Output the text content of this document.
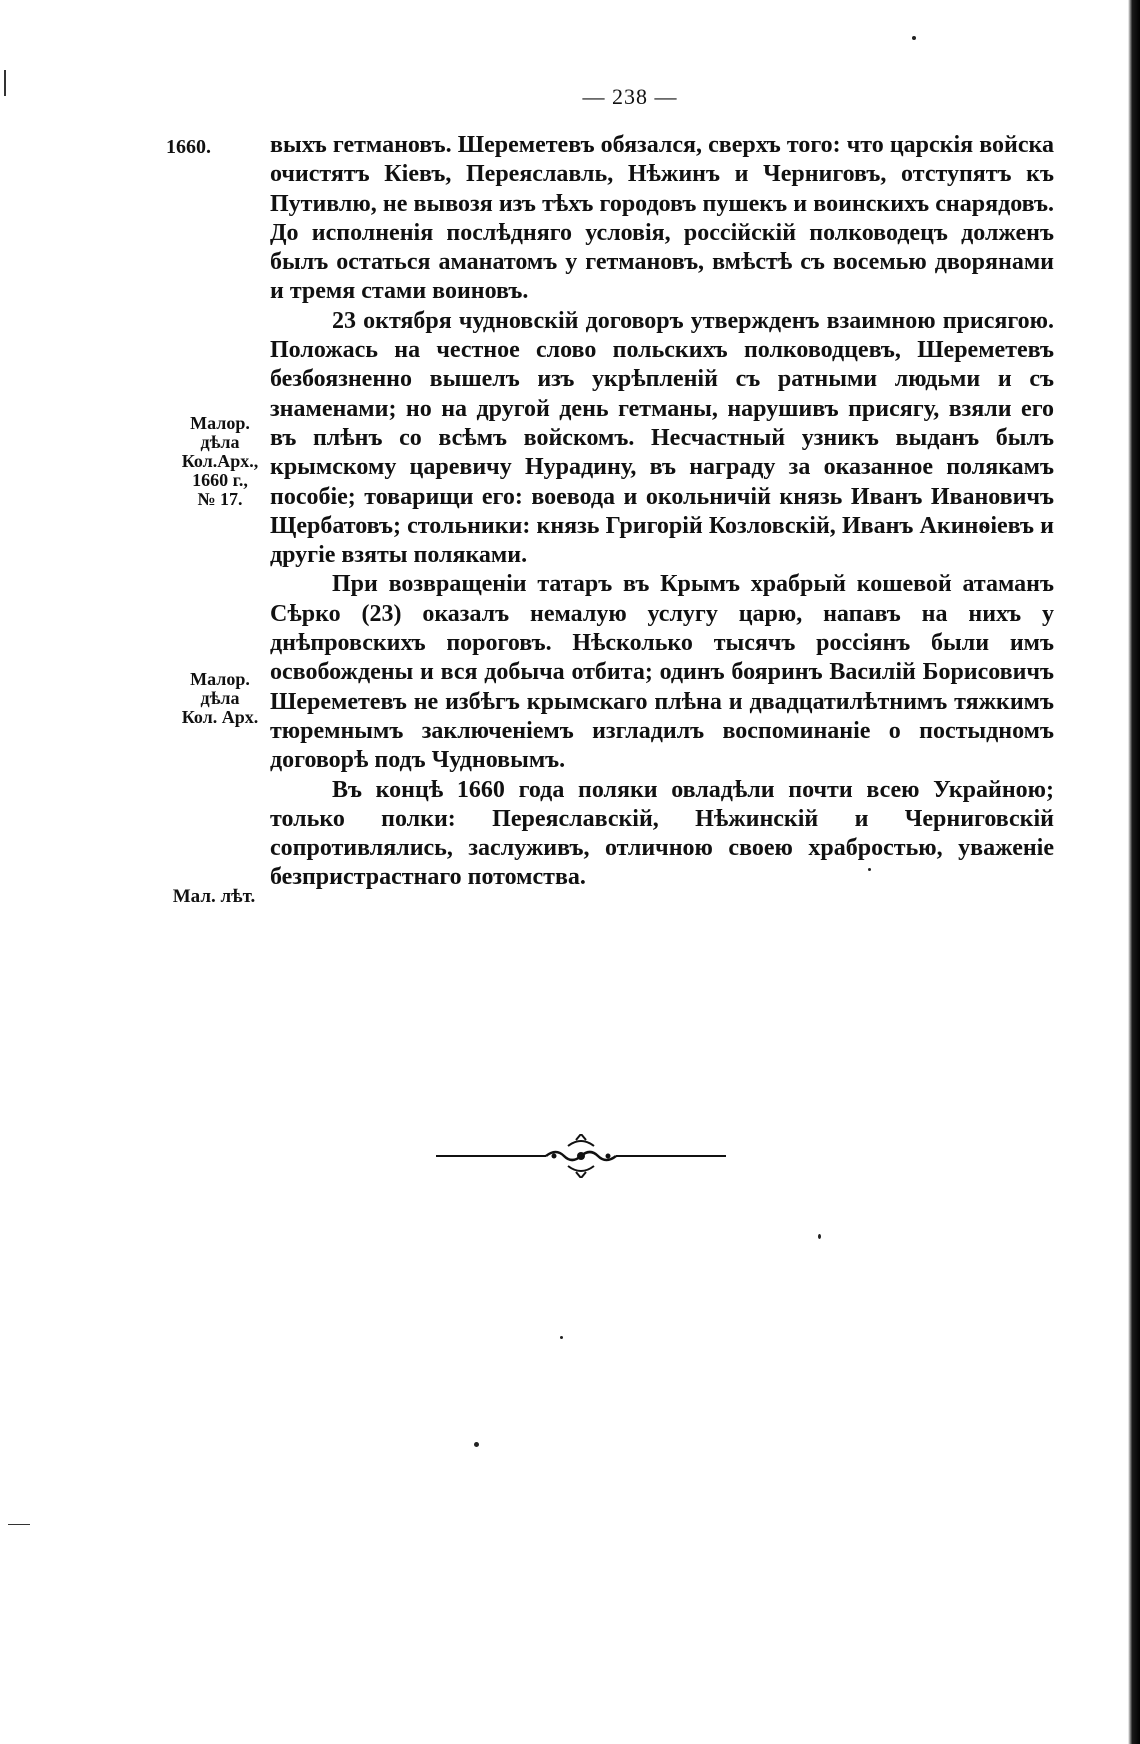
— 238 —
1660. выхъ гетмановъ. Шереметевъ обязался, сверхъ того: что царскія войска очистятъ Кіевъ, Переяславль, Нѣжинъ и Черниговъ, отступятъ къ Путивлю, не вывозя изъ тѣхъ городовъ пушекъ и воинскихъ снарядовъ. До исполненія послѣдняго условія, россійскій полководецъ долженъ былъ остаться аманатомъ у гетмановъ, вмѣстѣ съ восемью дворянами и тремя стами воиновъ.

23 октября чудновскій договоръ утвержденъ взаимною присягою. Положась на честное слово польскихъ полководцевъ, Шереметевъ безбоязненно вышелъ изъ укрѣпленій съ ратными людьми и съ знаменами; но на другой день гетманы, нарушивъ присягу, взяли его въ плѣнъ со всѣмъ войскомъ. Несчастный узникъ выданъ былъ крымскому царевичу Нурадину, въ награду за оказанное полякамъ пособіе; товарищи его: воевода и окольничій князь Иванъ Ивановичъ Щербатовъ; стольники: князь Григорій Козловскій, Иванъ Акинѳіевъ и другіе взяты поляками.

При возвращеніи татаръ въ Крымъ храбрый кошевой атаманъ Сѣрко (23) оказалъ немалую услугу царю, напавъ на нихъ у днѣпровскихъ пороговъ. Нѣсколько тысячъ россіянъ были имъ освобождены и вся добыча отбита; одинъ бояринъ Василій Борисовичъ Шереметевъ не избѣгъ крымскаго плѣна и двадцатилѣтнимъ тяжкимъ тюремнымъ заключеніемъ изгладилъ воспоминаніе о постыдномъ договорѣ подъ Чудновымъ.

Въ концѣ 1660 года поляки овладѣли почти всею Украйною; только полки: Переяславскій, Нѣжинскій и Черниговскій сопротивлялись, заслуживъ, отличною своею храбростью, уваженіе безпристрастнаго потомства.

Малор.
дѣла
Кол.Арх.,
1660 г.,
№ 17.
Малор.
дѣла
Кол. Арх.
Мал. лѣт.
